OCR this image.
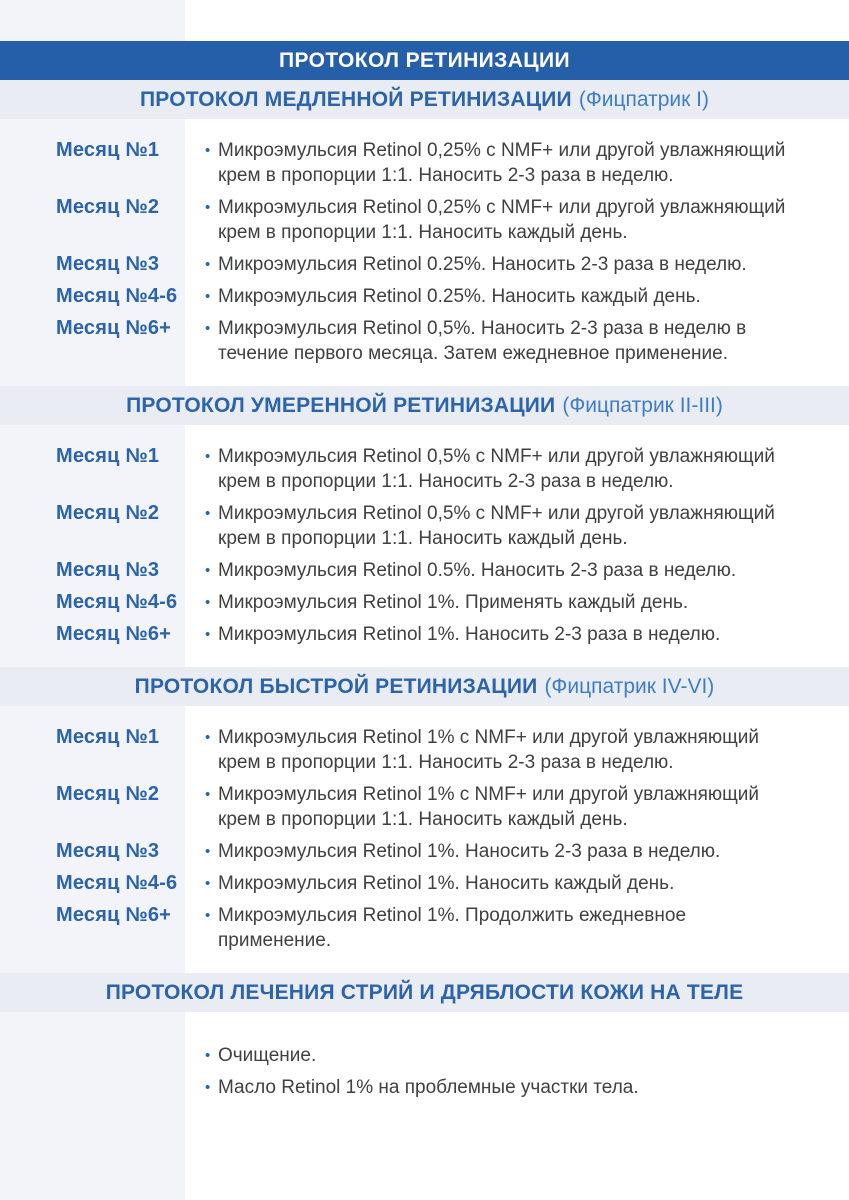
ПРОТОКОЛ РЕТИНИЗАЦИИ
ПРОТОКОЛ МЕДЛЕННОЙ РЕТИНИЗАЦИИ (Фицпатрик I)
Месяц №1	• Микроэмульсия Retinol 0,25% с NMF+ или другой увлажняющий крем в пропорции 1:1. Наносить 2-3 раза в неделю.
Месяц №2	• Микроэмульсия Retinol 0,25% с NMF+ или другой увлажняющий крем в пропорции 1:1. Наносить каждый день.
Месяц №3	• Микроэмульсия Retinol 0.25%. Наносить 2-3 раза в неделю.
Месяц №4-6	• Микроэмульсия Retinol 0.25%. Наносить каждый день.
Месяц №6+	• Микроэмульсия Retinol 0,5%. Наносить 2-3 раза в неделю в течение первого месяца. Затем ежедневное применение.
ПРОТОКОЛ УМЕРЕННОЙ РЕТИНИЗАЦИИ (Фицпатрик II-III)
Месяц №1	• Микроэмульсия Retinol 0,5% с NMF+ или другой увлажняющий крем в пропорции 1:1. Наносить 2-3 раза в неделю.
Месяц №2	• Микроэмульсия Retinol 0,5% с NMF+ или другой увлажняющий крем в пропорции 1:1. Наносить каждый день.
Месяц №3	• Микроэмульсия Retinol 0.5%. Наносить 2-3 раза в неделю.
Месяц №4-6	• Микроэмульсия Retinol 1%. Применять каждый день.
Месяц №6+	• Микроэмульсия Retinol 1%. Наносить 2-3 раза в неделю.
ПРОТОКОЛ БЫСТРОЙ РЕТИНИЗАЦИИ (Фицпатрик IV-VI)
Месяц №1	• Микроэмульсия Retinol 1% с NMF+ или другой увлажняющий крем в пропорции 1:1. Наносить 2-3 раза в неделю.
Месяц №2	• Микроэмульсия Retinol 1% с NMF+ или другой увлажняющий крем в пропорции 1:1. Наносить каждый день.
Месяц №3	• Микроэмульсия Retinol 1%. Наносить 2-3 раза в неделю.
Месяц №4-6	• Микроэмульсия Retinol 1%. Наносить каждый день.
Месяц №6+	• Микроэмульсия Retinol 1%. Продолжить ежедневное применение.
ПРОТОКОЛ ЛЕЧЕНИЯ СТРИЙ И ДРЯБЛОСТИ КОЖИ НА ТЕЛЕ
• Очищение.
• Масло Retinol 1% на проблемные участки тела.
